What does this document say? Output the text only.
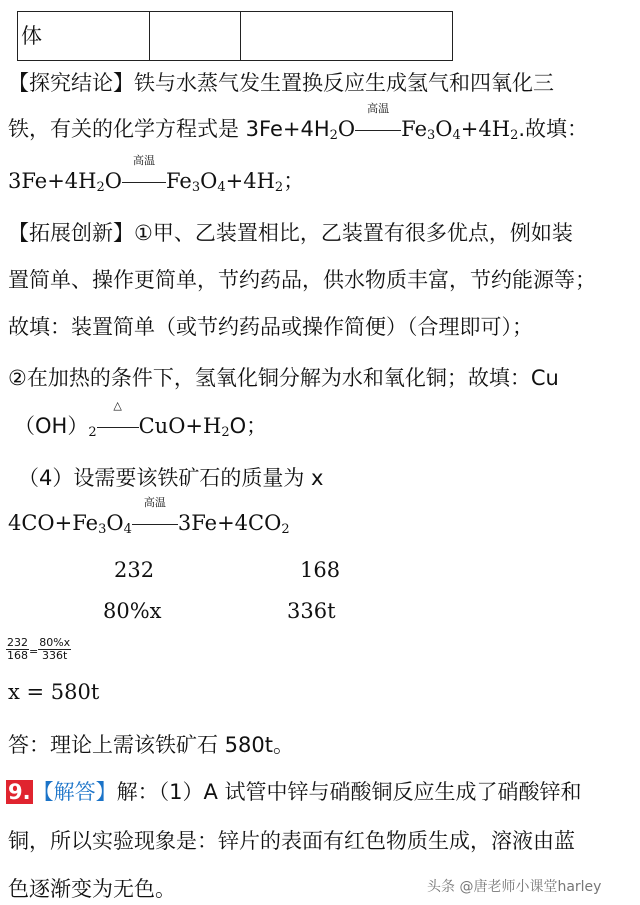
体
【探究结论】铁与水蒸气发生置换反应生成氢气和四氧化三
铁，有关的化学方程式是 $3Fe+4H_2O$
高温
$Fe_3O_4+4H_2$.故填：
$3Fe+4H_2O$
高温
$Fe_3O_4+4H_2$；
【拓展创新】①甲、乙装置相比，乙装置有很多优点，例如装
置简单、操作更简单，节约药品，供水物质丰富，节约能源等；
故填：装置简单（或节约药品或操作简便）（合理即可）；
②在加热的条件下，氢氧化铜分解为水和氧化铜；故填：Cu
$(OH)_2$
△
$CuO+H_2O$；
（4）设需要该铁矿石的质量为 x
$4CO+Fe_3O_4$
高温
$3Fe+4CO_2$
232	168
80%x	336t
$\frac{232}{168} = \frac{80\%x}{336t}$
x = 580t
答：理论上需该铁矿石 580t。
9.【解答】解：（1）A 试管中锌与硝酸铜反应生成了硝酸锌和
铜，所以实验现象是：锌片的表面有红色物质生成，溶液由蓝
色逐渐变为无色。	头条 @唐老师小课堂harley
